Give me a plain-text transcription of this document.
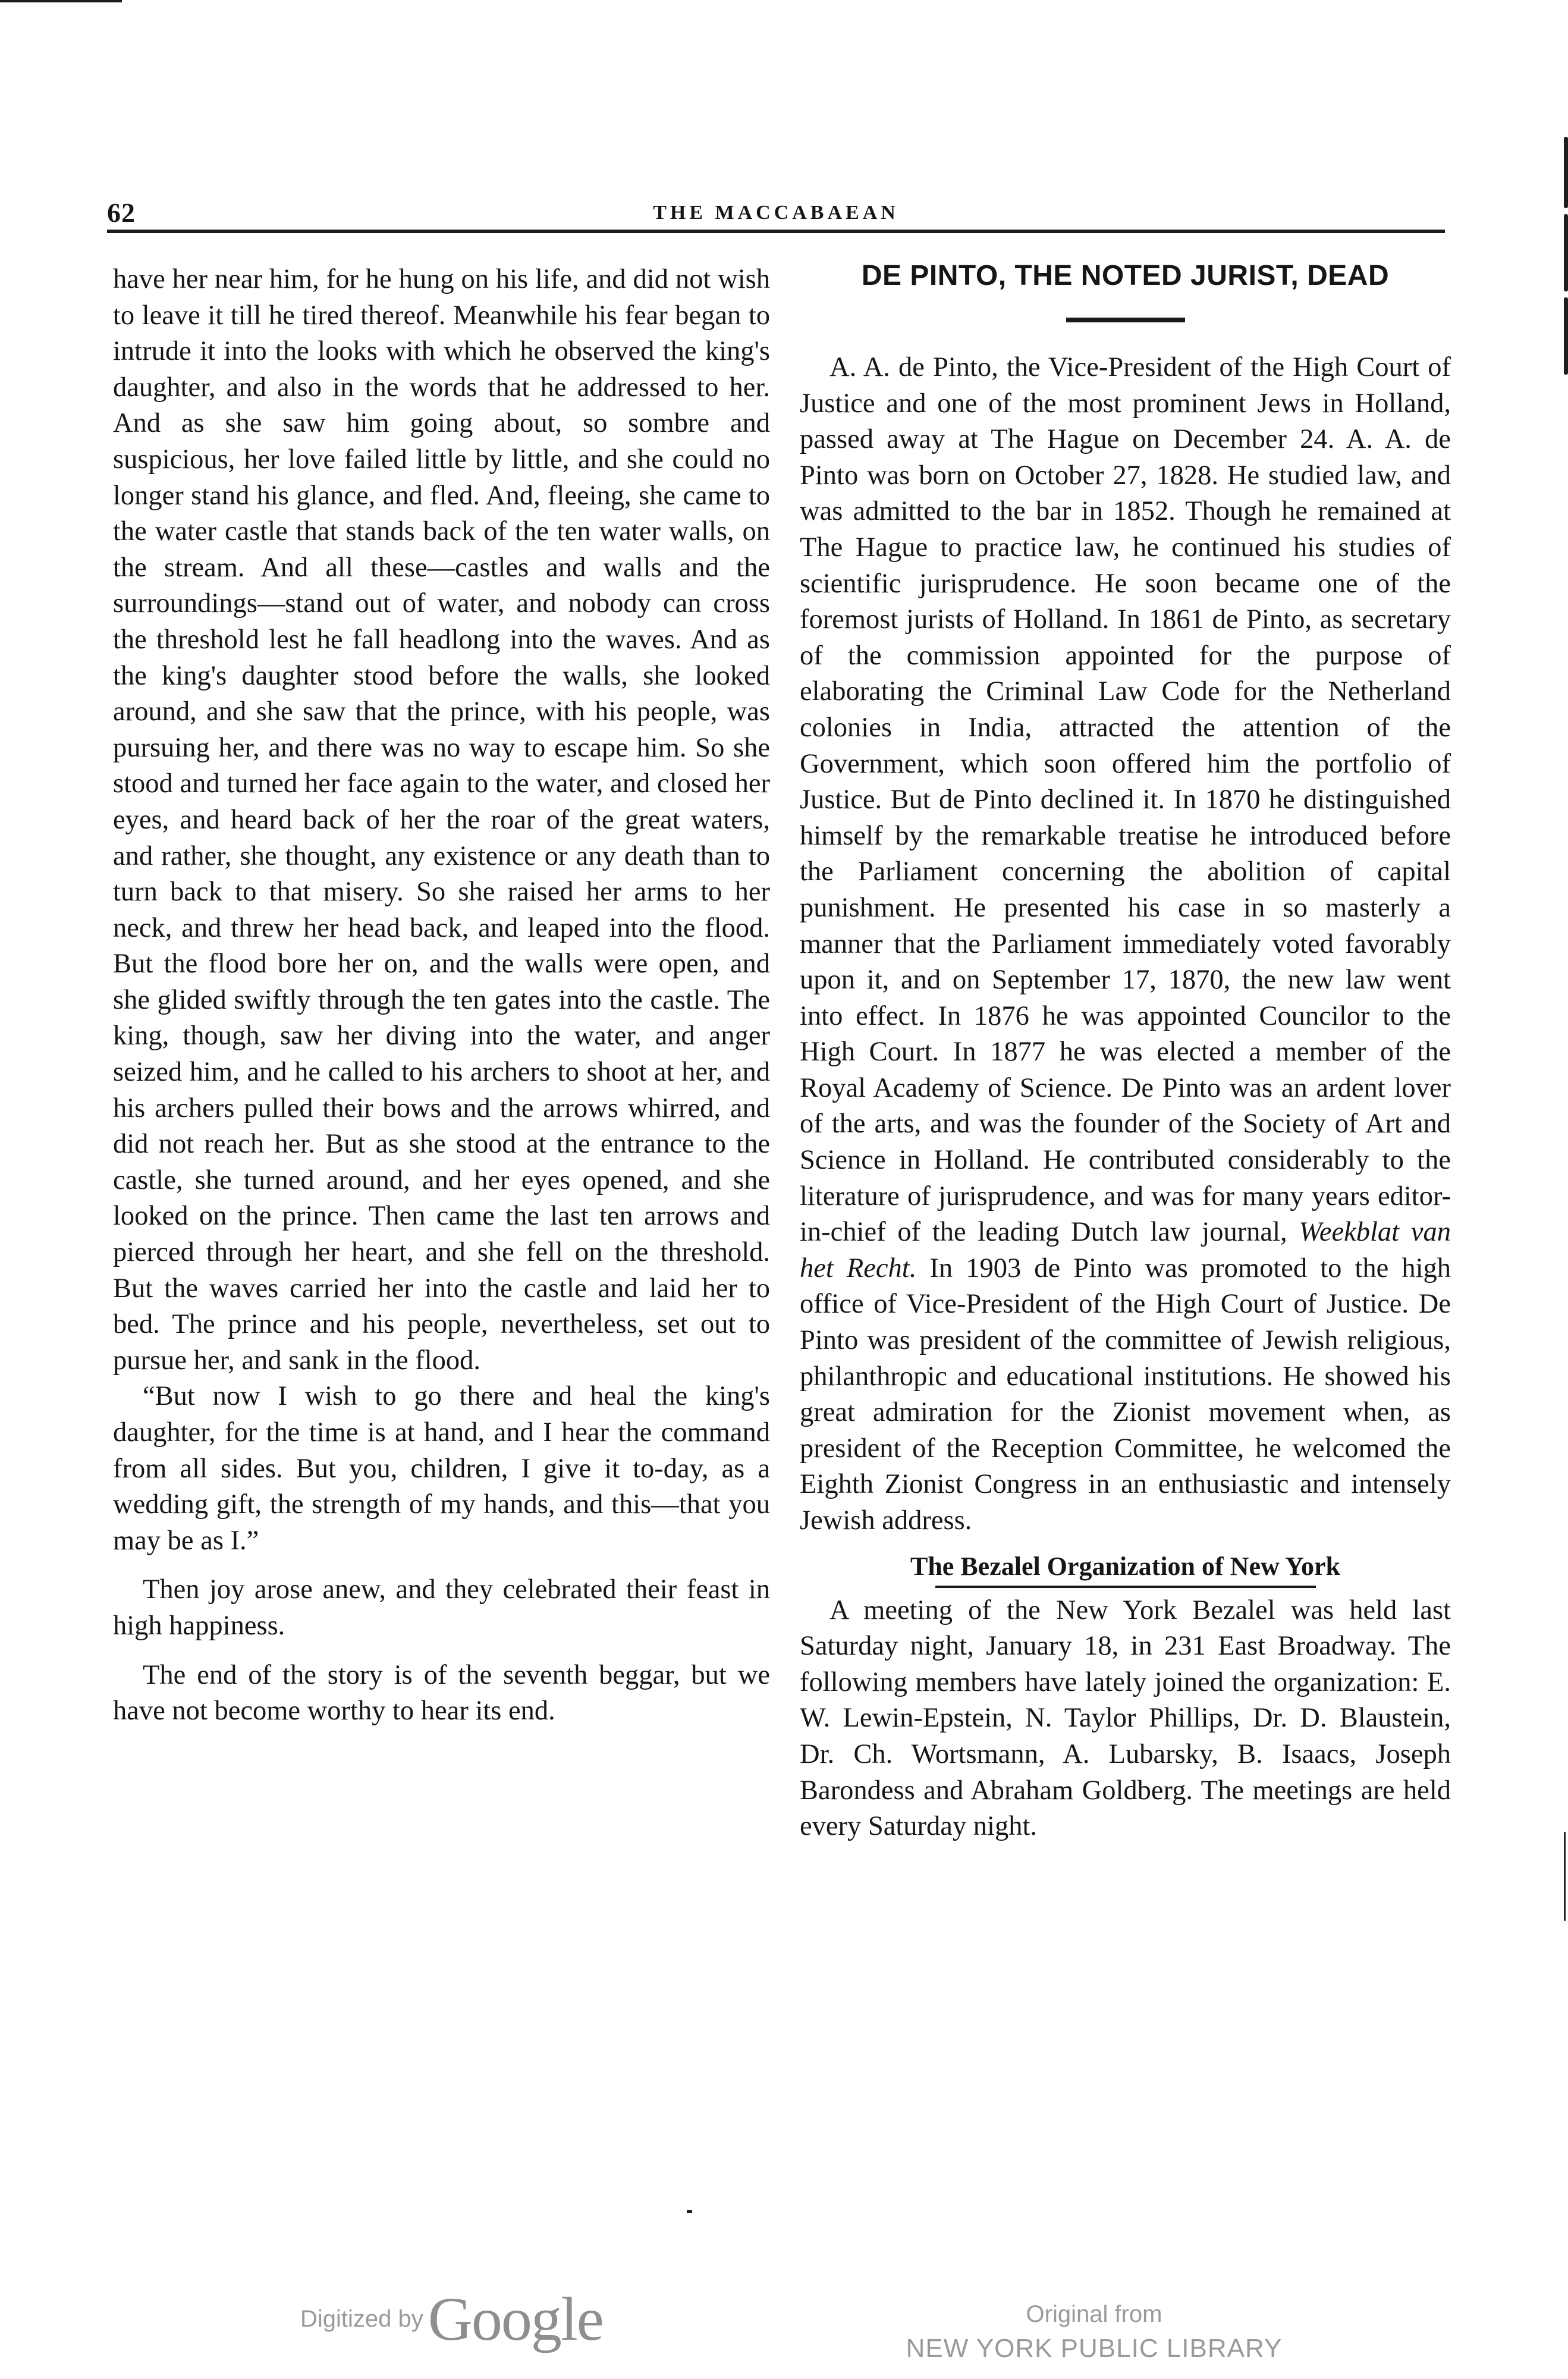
62	THE MACCABAEAN

have her near him, for he hung on his life, and did not wish to leave it till he tired thereof. Meanwhile his fear began to intrude it into the looks with which he observed the king's daughter, and also in the words that he addressed to her. And as she saw him going about, so sombre and suspicious, her love failed little by little, and she could no longer stand his glance, and fled. And, fleeing, she came to the water castle that stands back of the ten water walls, on the stream. And all these—castles and walls and the surroundings—stand out of water, and nobody can cross the threshold lest he fall headlong into the waves. And as the king's daughter stood before the walls, she looked around, and she saw that the prince, with his people, was pursuing her, and there was no way to escape him. So she stood and turned her face again to the water, and closed her eyes, and heard back of her the roar of the great waters, and rather, she thought, any existence or any death than to turn back to that misery. So she raised her arms to her neck, and threw her head back, and leaped into the flood. But the flood bore her on, and the walls were open, and she glided swiftly through the ten gates into the castle. The king, though, saw her diving into the water, and anger seized him, and he called to his archers to shoot at her, and his archers pulled their bows and the arrows whirred, and did not reach her. But as she stood at the entrance to the castle, she turned around, and her eyes opened, and she looked on the prince. Then came the last ten arrows and pierced through her heart, and she fell on the threshold. But the waves carried her into the castle and laid her to bed. The prince and his people, nevertheless, set out to pursue her, and sank in the flood.

“But now I wish to go there and heal the king's daughter, for the time is at hand, and I hear the command from all sides. But you, children, I give it to-day, as a wedding gift, the strength of my hands, and this—that you may be as I.”

Then joy arose anew, and they celebrated their feast in high happiness.

The end of the story is of the seventh beggar, but we have not become worthy to hear its end.

DE PINTO, THE NOTED JURIST, DEAD

A. A. de Pinto, the Vice-President of the High Court of Justice and one of the most prominent Jews in Holland, passed away at The Hague on December 24. A. A. de Pinto was born on October 27, 1828. He studied law, and was admitted to the bar in 1852. Though he remained at The Hague to practice law, he continued his studies of scientific jurisprudence. He soon became one of the foremost jurists of Holland. In 1861 de Pinto, as secretary of the commission appointed for the purpose of elaborating the Criminal Law Code for the Netherland colonies in India, attracted the attention of the Government, which soon offered him the portfolio of Justice. But de Pinto declined it. In 1870 he distinguished himself by the remarkable treatise he introduced before the Parliament concerning the abolition of capital punishment. He presented his case in so masterly a manner that the Parliament immediately voted favorably upon it, and on September 17, 1870, the new law went into effect. In 1876 he was appointed Councilor to the High Court. In 1877 he was elected a member of the Royal Academy of Science. De Pinto was an ardent lover of the arts, and was the founder of the Society of Art and Science in Holland. He contributed considerably to the literature of jurisprudence, and was for many years editor-in-chief of the leading Dutch law journal, Weekblat van het Recht. In 1903 de Pinto was promoted to the high office of Vice-President of the High Court of Justice. De Pinto was president of the committee of Jewish religious, philanthropic and educational institutions. He showed his great admiration for the Zionist movement when, as president of the Reception Committee, he welcomed the Eighth Zionist Congress in an enthusiastic and intensely Jewish address.

The Bezalel Organization of New York

A meeting of the New York Bezalel was held last Saturday night, January 18, in 231 East Broadway. The following members have lately joined the organization: E. W. Lewin-Epstein, N. Taylor Phillips, Dr. D. Blaustein, Dr. Ch. Wortsmann, A. Lubarsky, B. Isaacs, Joseph Barondess and Abraham Goldberg. The meetings are held every Saturday night.

Digitized byGoogle	Original from
NEW YORK PUBLIC LIBRARY
